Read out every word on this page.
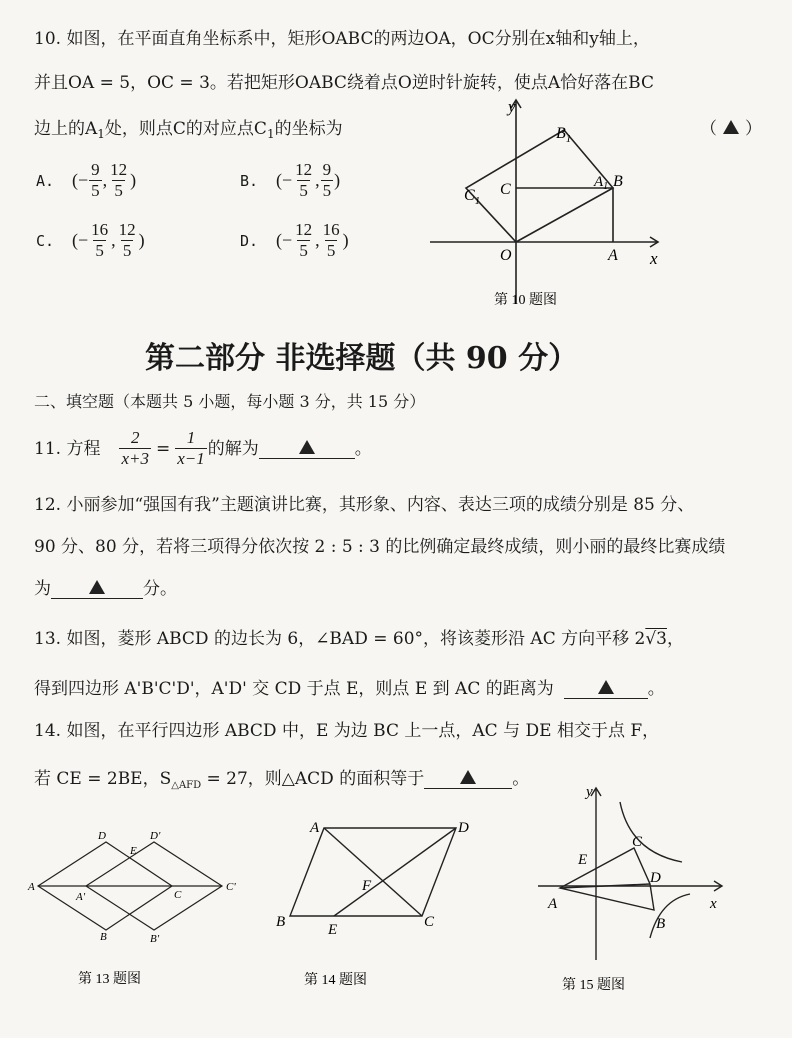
10. 如图，在平面直角坐标系中，矩形OABC的两边OA，OC分别在x轴和y轴上，
并且OA = 5，OC = 3。若把矩形OABC绕着点O逆时针旋转，使点A恰好落在BC
边上的$A_1$处，则点C的对应点$C_1$的坐标为	（ ）
A. (− $\frac{9}{5}$ , $\frac{12}{5}$ )	B. (− $\frac{12}{5}$ , $\frac{9}{5}$ )
C. (− $\frac{16}{5}$ , $\frac{12}{5}$ )	D. (− $\frac{12}{5}$ , $\frac{16}{5}$ )
y
x
O	A
B
C	$A_1$
$B_1$
$C_1$
第 10 题图
第二部分 非选择题（共 90 分）
二、填空题（本题共 5 小题，每小题 3 分，共 15 分）
11. 方程 $\frac{2}{x+3} = \frac{1}{x-1}$ 的解为	。
12. 小丽参加“强国有我”主题演讲比赛，其形象、内容、表达三项的成绩分别是 85 分、
90 分、80 分，若将三项得分依次按 2 : 5 : 3 的比例确定最终成绩，则小丽的最终比赛成绩
为	分。
13. 如图，菱形 ABCD 的边长为 6，∠BAD = 60°，将该菱形沿 AC 方向平移 2√3，
得到四边形 A'B'C'D'，A'D' 交 CD 于点 E，则点 E 到 AC 的距离为	。
14. 如图，在平行四边形 ABCD 中，E 为边 BC 上一点，AC 与 DE 相交于点 F，
若 CE = 2BE，$S_{\triangle AFD} = 27$，则△ACD 的面积等于	。
A
B
C
D
E
A'
B'
C'
D'
第 13 题图
A
B	C
D
E
F
第 14 题图
y
x
A
B
C
D
E
第 15 题图
